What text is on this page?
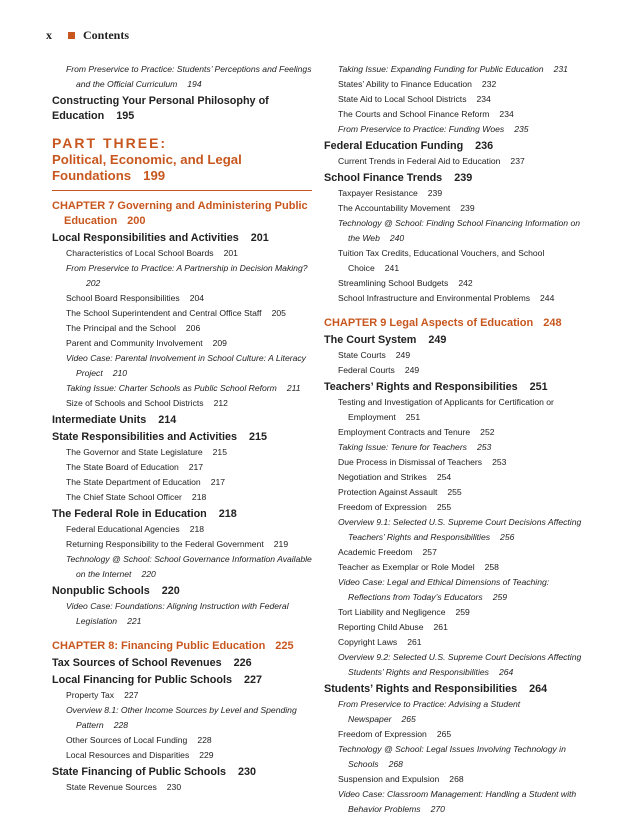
x	Contents
From Preservice to Practice: Students’ Perceptions and Feelings and the Official Curriculum 194
Constructing Your Personal Philosophy of Education 195
PART THREE:
Political, Economic, and Legal Foundations 199
CHAPTER 7 Governing and Administering Public Education 200
Local Responsibilities and Activities 201
Characteristics of Local School Boards 201
From Preservice to Practice: A Partnership in Decision Making?202
School Board Responsibilities 204
The School Superintendent and Central Office Staff 205
The Principal and the School 206
Parent and Community Involvement 209
Video Case: Parental Involvement in School Culture: A Literacy Project 210
Taking Issue: Charter Schools as Public School Reform 211
Size of Schools and School Districts 212
Intermediate Units 214
State Responsibilities and Activities 215
The Governor and State Legislature 215
The State Board of Education 217
The State Department of Education 217
The Chief State School Officer 218
The Federal Role in Education 218
Federal Educational Agencies 218
Returning Responsibility to the Federal Government 219
Technology @ School: School Governance Information Available on the Internet 220
Nonpublic Schools 220
Video Case: Foundations: Aligning Instruction with Federal Legislation 221
CHAPTER 8: Financing Public Education 225
Tax Sources of School Revenues 226
Local Financing for Public Schools 227
Property Tax 227
Overview 8.1: Other Income Sources by Level and Spending Pattern 228
Other Sources of Local Funding 228
Local Resources and Disparities 229
State Financing of Public Schools 230
State Revenue Sources 230
Taking Issue: Expanding Funding for Public Education 231
States’ Ability to Finance Education 232
State Aid to Local School Districts 234
The Courts and School Finance Reform 234
From Preservice to Practice: Funding Woes 235
Federal Education Funding 236
Current Trends in Federal Aid to Education 237
School Finance Trends 239
Taxpayer Resistance 239
The Accountability Movement 239
Technology @ School: Finding School Financing Information on the Web 240
Tuition Tax Credits, Educational Vouchers, and School Choice 241
Streamlining School Budgets 242
School Infrastructure and Environmental Problems 244
CHAPTER 9 Legal Aspects of Education 248
The Court System 249
State Courts 249
Federal Courts 249
Teachers’ Rights and Responsibilities 251
Testing and Investigation of Applicants for Certification or Employment 251
Employment Contracts and Tenure 252
Taking Issue: Tenure for Teachers 253
Due Process in Dismissal of Teachers 253
Negotiation and Strikes 254
Protection Against Assault 255
Freedom of Expression 255
Overview 9.1: Selected U.S. Supreme Court Decisions Affecting Teachers’ Rights and Responsibilities 256
Academic Freedom 257
Teacher as Exemplar or Role Model 258
Video Case: Legal and Ethical Dimensions of Teaching: Reflections from Today’s Educators 259
Tort Liability and Negligence 259
Reporting Child Abuse 261
Copyright Laws 261
Overview 9.2: Selected U.S. Supreme Court Decisions Affecting Students’ Rights and Responsibilities 264
Students’ Rights and Responsibilities 264
From Preservice to Practice: Advising a Student Newspaper 265
Freedom of Expression 265
Technology @ School: Legal Issues Involving Technology in Schools 268
Suspension and Expulsion 268
Video Case: Classroom Management: Handling a Student with Behavior Problems 270
